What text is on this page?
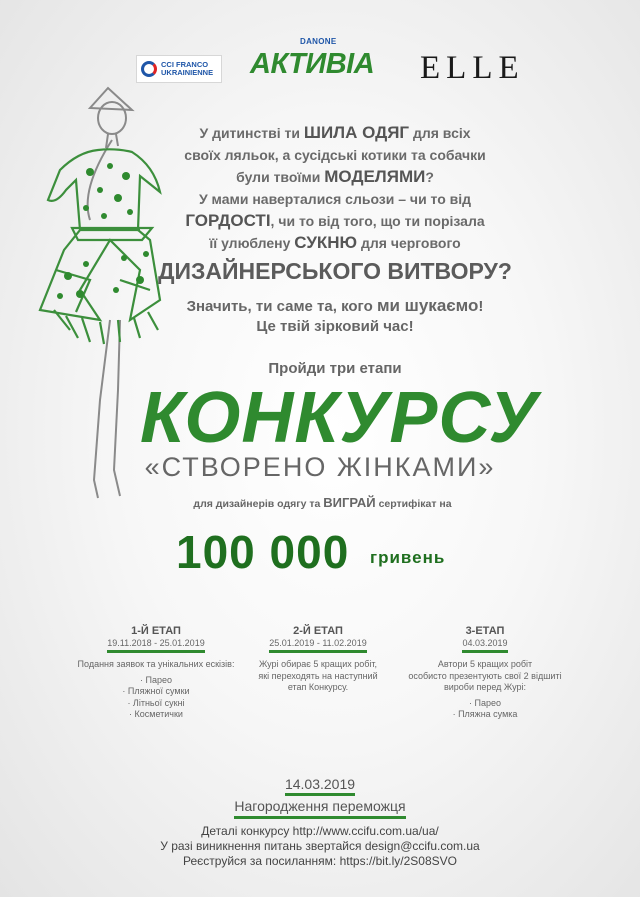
CCI FRANCO
UKRAINIENNE
DANONE
АКТИВІА ELLE
У дитинстві ти ШИЛА ОДЯГ для всіх
своїх ляльок, а сусідські котики та собачки
були твоїми МОДЕЛЯМИ?
У мами наверталися сльози – чи то від
ГОРДОСТІ, чи то від того, що ти порізала
її улюблену СУКНЮ для чергового
ДИЗАЙНЕРСЬКОГО ВИТВОРУ?
Значить, ти саме та, кого ми шукаємо!
Це твій зірковий час!
Пройди три етапи
КОНКУРСУ
«СТВОРЕНО ЖІНКАМИ»
для дизайнерів одягу та ВИГРАЙ сертифікат на
100 000 гривень
1-Й ЕТАП
19.11.2018 - 25.01.2019
Подання заявок та унікальних ескізів:
· Парео
· Пляжної сумки
· Літньої сукні
· Косметички
2-Й ЕТАП
25.01.2019 - 11.02.2019
Журі обирає 5 кращих робіт,
які переходять на наступний
етап Конкурсу.
3-ЕТАП
04.03.2019
Автори 5 кращих робіт
особисто презентують свої 2 відшиті
вироби перед Журі:
· Парео
· Пляжна сумка
14.03.2019
Нагородження переможця
Деталі конкурсу http://www.ccifu.com.ua/ua/
У разі виникнення питань звертайся design@ccifu.com.ua
Реєструйся за посиланням: https://bit.ly/2S08SVO
